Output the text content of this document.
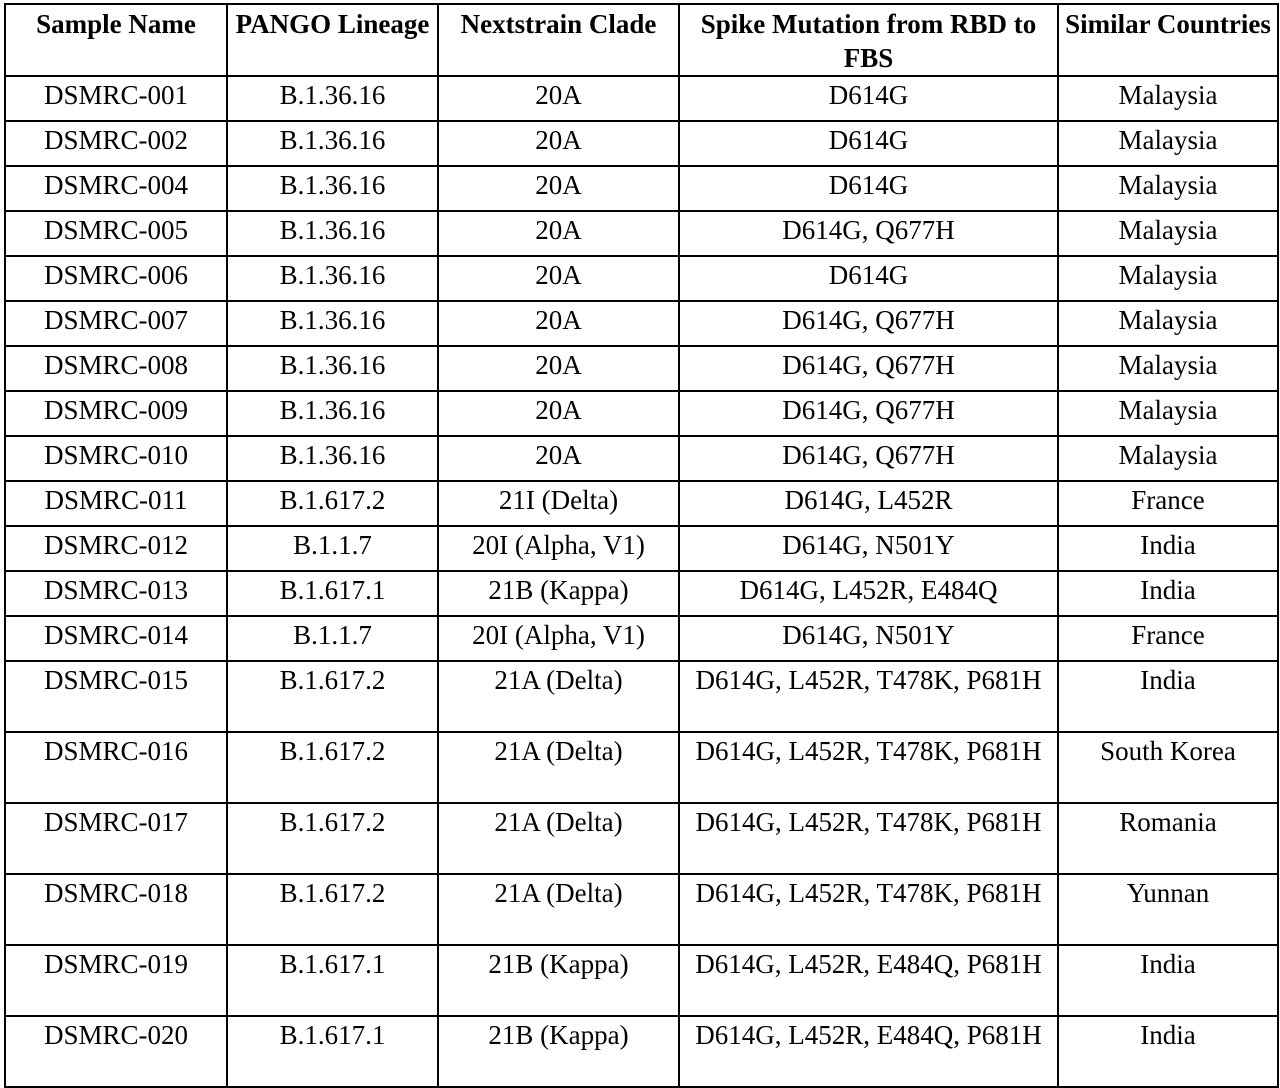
Sample Name	PANGO Lineage	Nextstrain Clade	Spike Mutation from RBD to FBS	Similar Countries
DSMRC-001	B.1.36.16	20A	D614G	Malaysia
DSMRC-002	B.1.36.16	20A	D614G	Malaysia
DSMRC-004	B.1.36.16	20A	D614G	Malaysia
DSMRC-005	B.1.36.16	20A	D614G, Q677H	Malaysia
DSMRC-006	B.1.36.16	20A	D614G	Malaysia
DSMRC-007	B.1.36.16	20A	D614G, Q677H	Malaysia
DSMRC-008	B.1.36.16	20A	D614G, Q677H	Malaysia
DSMRC-009	B.1.36.16	20A	D614G, Q677H	Malaysia
DSMRC-010	B.1.36.16	20A	D614G, Q677H	Malaysia
DSMRC-011	B.1.617.2	21I (Delta)	D614G, L452R	France
DSMRC-012	B.1.1.7	20I (Alpha, V1)	D614G, N501Y	India
DSMRC-013	B.1.617.1	21B (Kappa)	D614G, L452R, E484Q	India
DSMRC-014	B.1.1.7	20I (Alpha, V1)	D614G, N501Y	France
DSMRC-015	B.1.617.2	21A (Delta)	D614G, L452R, T478K, P681H	India
DSMRC-016	B.1.617.2	21A (Delta)	D614G, L452R, T478K, P681H	South Korea
DSMRC-017	B.1.617.2	21A (Delta)	D614G, L452R, T478K, P681H	Romania
DSMRC-018	B.1.617.2	21A (Delta)	D614G, L452R, T478K, P681H	Yunnan
DSMRC-019	B.1.617.1	21B (Kappa)	D614G, L452R, E484Q, P681H	India
DSMRC-020	B.1.617.1	21B (Kappa)	D614G, L452R, E484Q, P681H	India
